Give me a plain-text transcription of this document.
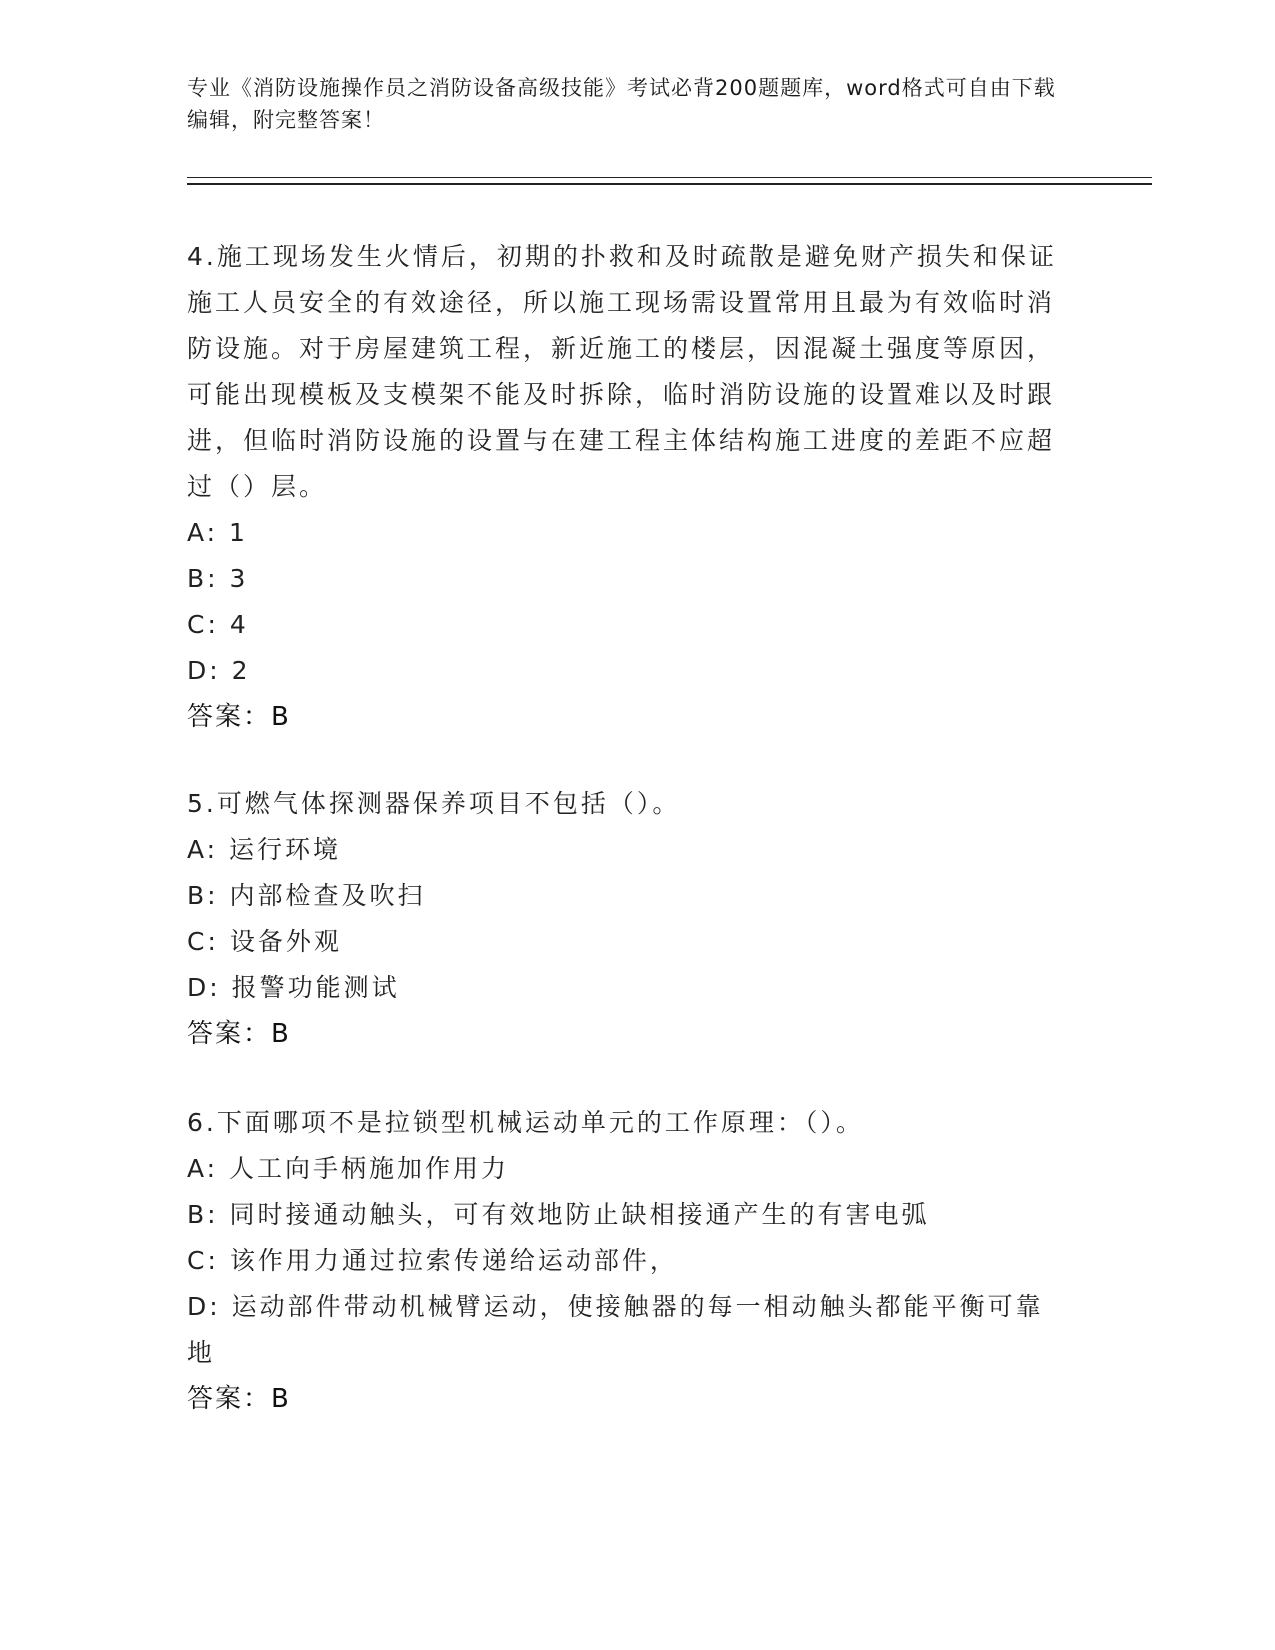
专业《消防设施操作员之消防设备高级技能》考试必背200题题库，word格式可自由下载编辑，附完整答案！
4.施工现场发生火情后，初期的扑救和及时疏散是避免财产损失和保证施工人员安全的有效途径，所以施工现场需设置常用且最为有效临时消防设施。对于房屋建筑工程，新近施工的楼层，因混凝土强度等原因，可能出现模板及支模架不能及时拆除，临时消防设施的设置难以及时跟进，但临时消防设施的设置与在建工程主体结构施工进度的差距不应超过（）层。
A: 1
B: 3
C: 4
D: 2
答案：B
5.可燃气体探测器保养项目不包括（）。
A: 运行环境
B: 内部检查及吹扫
C: 设备外观
D: 报警功能测试
答案：B
6.下面哪项不是拉锁型机械运动单元的工作原理：（）。
A: 人工向手柄施加作用力
B: 同时接通动触头，可有效地防止缺相接通产生的有害电弧
C: 该作用力通过拉索传递给运动部件，
D: 运动部件带动机械臂运动，使接触器的每一相动触头都能平衡可靠地
答案：B
